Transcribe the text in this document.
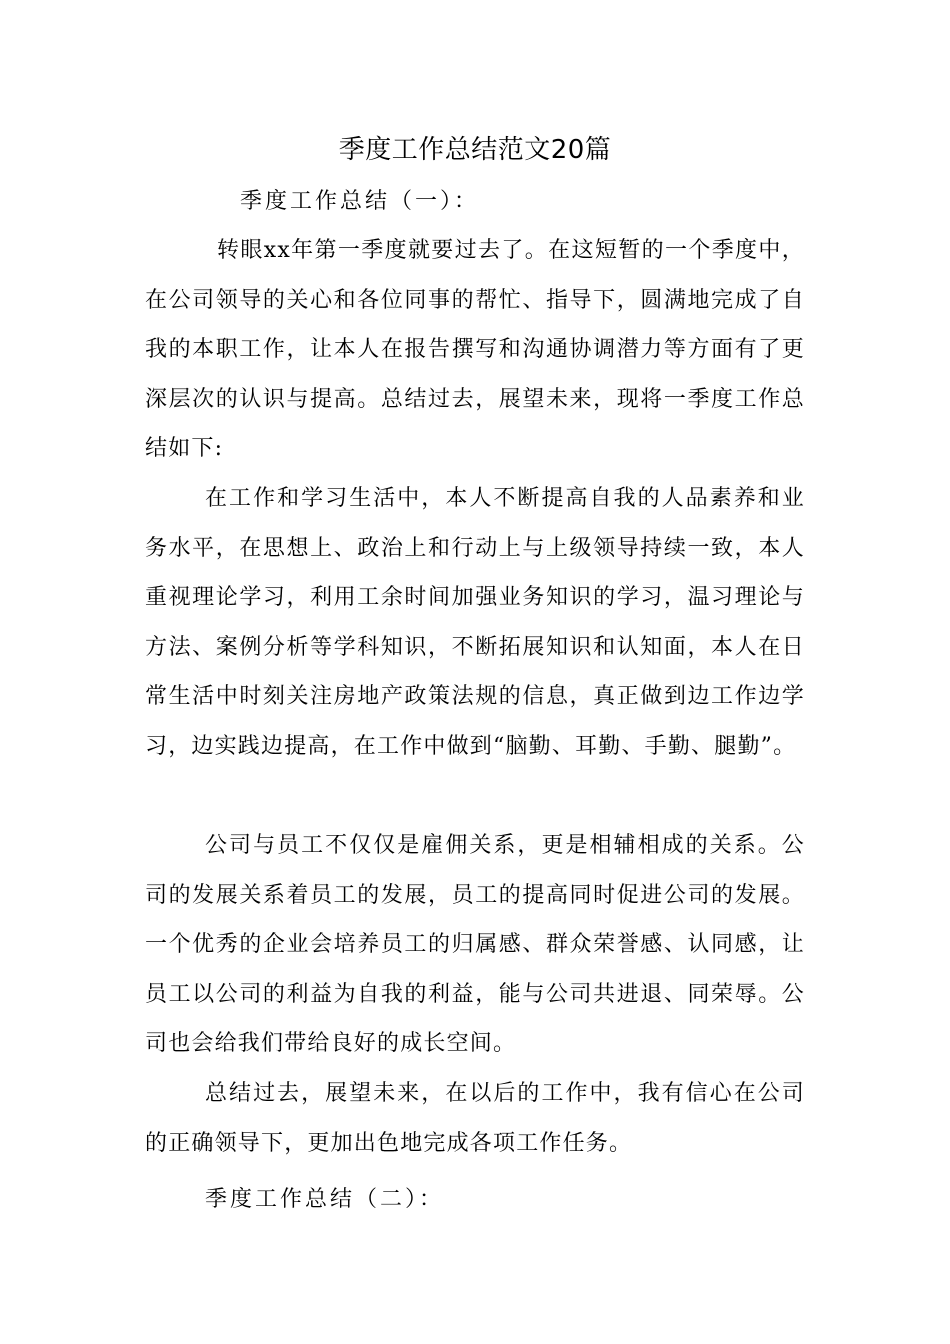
季度工作总结范文20篇

季度工作总结（一）：

转眼xx年第一季度就要过去了。在这短暂的一个季度中，在公司领导的关心和各位同事的帮忙、指导下，圆满地完成了自我的本职工作，让本人在报告撰写和沟通协调潜力等方面有了更深层次的认识与提高。总结过去，展望未来，现将一季度工作总结如下:

在工作和学习生活中，本人不断提高自我的人品素养和业务水平，在思想上、政治上和行动上与上级领导持续一致，本人重视理论学习，利用工余时间加强业务知识的学习，温习理论与方法、案例分析等学科知识，不断拓展知识和认知面，本人在日常生活中时刻关注房地产政策法规的信息，真正做到边工作边学习，边实践边提高，在工作中做到“脑勤、耳勤、手勤、腿勤”。

公司与员工不仅仅是雇佣关系，更是相辅相成的关系。公司的发展关系着员工的发展，员工的提高同时促进公司的发展。一个优秀的企业会培养员工的归属感、群众荣誉感、认同感，让员工以公司的利益为自我的利益，能与公司共进退、同荣辱。公司也会给我们带给良好的成长空间。

总结过去，展望未来，在以后的工作中，我有信心在公司的正确领导下，更加出色地完成各项工作任务。

季度工作总结（二）：
